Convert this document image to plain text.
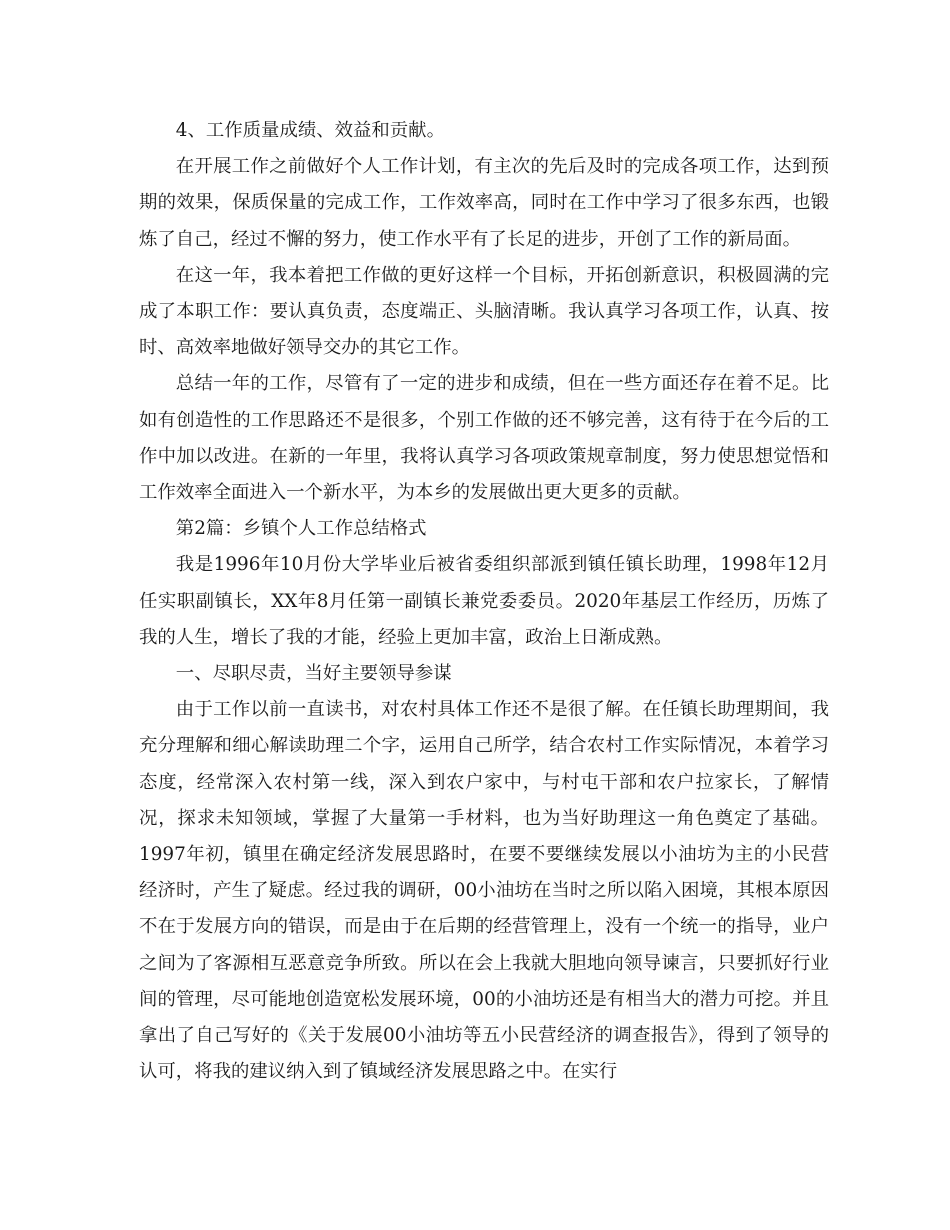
4、工作质量成绩、效益和贡献。

在开展工作之前做好个人工作计划，有主次的先后及时的完成各项工作，达到预期的效果，保质保量的完成工作，工作效率高，同时在工作中学习了很多东西，也锻炼了自己，经过不懈的努力，使工作水平有了长足的进步，开创了工作的新局面。

在这一年，我本着把工作做的更好这样一个目标，开拓创新意识，积极圆满的完成了本职工作：要认真负责，态度端正、头脑清晰。我认真学习各项工作，认真、按时、高效率地做好领导交办的其它工作。

总结一年的工作，尽管有了一定的进步和成绩，但在一些方面还存在着不足。比如有创造性的工作思路还不是很多，个别工作做的还不够完善，这有待于在今后的工作中加以改进。在新的一年里，我将认真学习各项政策规章制度，努力使思想觉悟和工作效率全面进入一个新水平，为本乡的发展做出更大更多的贡献。

第2篇：乡镇个人工作总结格式

我是1996年10月份大学毕业后被省委组织部派到镇任镇长助理，1998年12月任实职副镇长，XX年8月任第一副镇长兼党委委员。2020年基层工作经历，历炼了我的人生，增长了我的才能，经验上更加丰富，政治上日渐成熟。

一、尽职尽责，当好主要领导参谋

由于工作以前一直读书，对农村具体工作还不是很了解。在任镇长助理期间，我充分理解和细心解读助理二个字，运用自己所学，结合农村工作实际情况，本着学习态度，经常深入农村第一线，深入到农户家中，与村屯干部和农户拉家长，了解情况，探求未知领域，掌握了大量第一手材料，也为当好助理这一角色奠定了基础。1997年初，镇里在确定经济发展思路时，在要不要继续发展以小油坊为主的小民营经济时，产生了疑虑。经过我的调研，00小油坊在当时之所以陷入困境，其根本原因不在于发展方向的错误，而是由于在后期的经营管理上，没有一个统一的指导，业户之间为了客源相互恶意竞争所致。所以在会上我就大胆地向领导谏言，只要抓好行业间的管理，尽可能地创造宽松发展环境，00的小油坊还是有相当大的潜力可挖。并且拿出了自己写好的《关于发展00小油坊等五小民营经济的调查报告》，得到了领导的认可，将我的建议纳入到了镇域经济发展思路之中。在实行
